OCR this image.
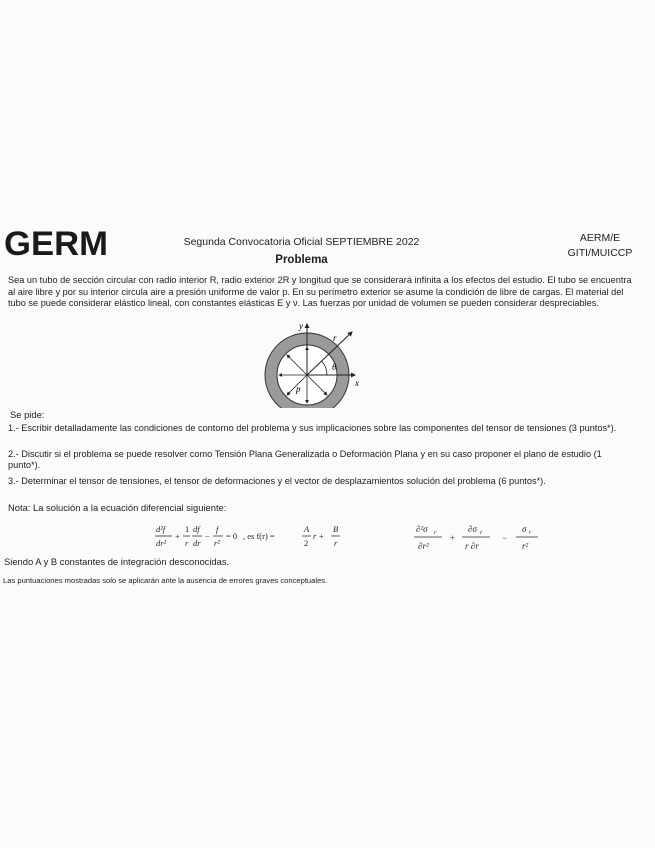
GERM	Segunda Convocatoria Oficial SEPTIEMBRE 2022
Problema
AERM/E
GITI/MUICCP
Sea un tubo de sección circular con radio interior R, radio exterior 2R y longitud que se considerará infinita a los efectos del estudio. El tubo se encuentra al aire libre y por su interior circula aire a presión uniforme de valor p. En su perímetro exterior se asume la condición de libre de cargas. El material del tubo se puede considerar elástico lineal, con constantes elásticas E y ν. Las fuerzas por unidad de volumen se pueden considerar despreciables.
y
x
r
θ
p
Se pide:
1.- Escribir detalladamente las condiciones de contorno del problema y sus implicaciones sobre las componentes del tensor de tensiones (3 puntos*).
2.- Discutir si el problema se puede resolver como Tensión Plana Generalizada o Deformación Plana y en su caso proponer el plano de estudio (1 punto*).
3.- Determinar el tensor de tensiones, el tensor de deformaciones y el vector de desplazamientos solución del problema (6 puntos*).
Nota: La solución a la ecuación diferencial siguiente:
d²f
dr²
+
1
r
df
dr
−
f
r²
= 0 , es f(r) =
A
2
r +
B
r
∂²σ r
∂r²
+
∂σ r
r ∂r
−
σ r
r²
Siendo A y B constantes de integración desconocidas.
Las puntuaciones mostradas solo se aplicarán ante la ausencia de errores graves conceptuales.
